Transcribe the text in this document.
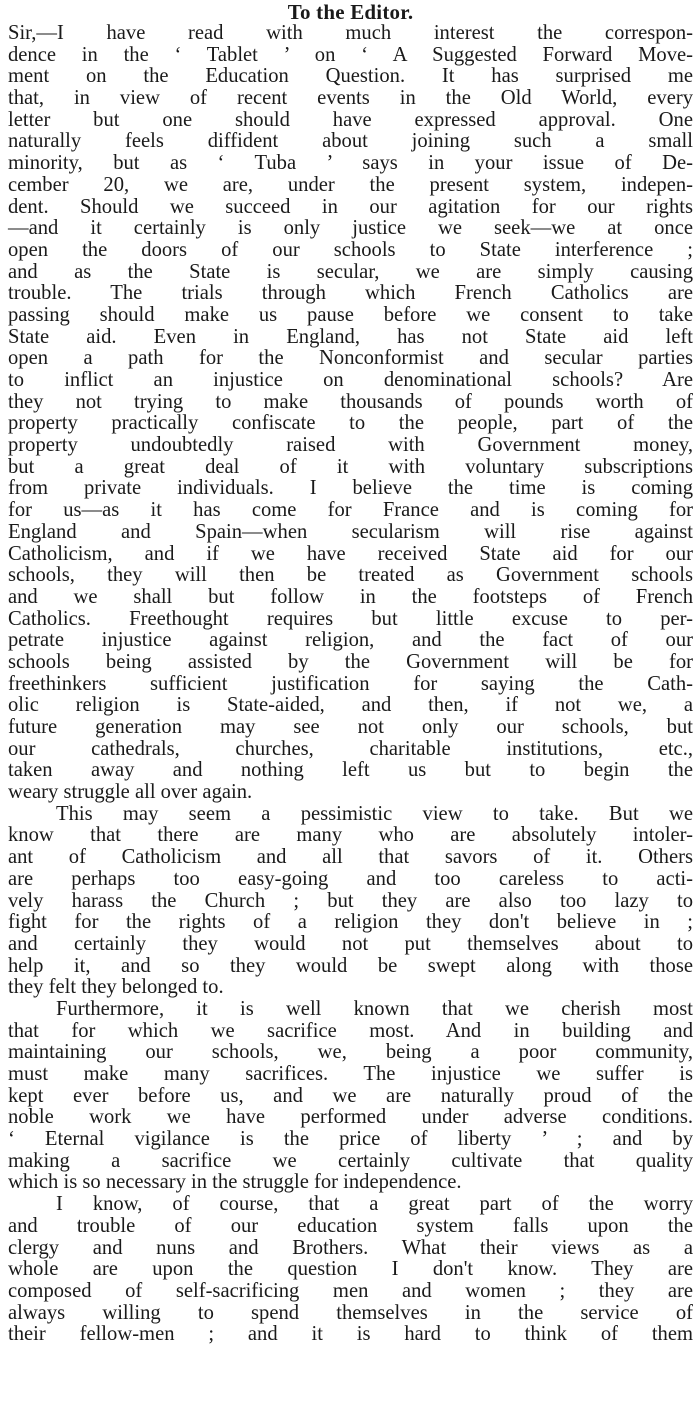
To the Editor.

Sir,—I have read with much interest the correspon-
dence in the ‘ Tablet ’ on ‘ A Suggested Forward Move-
ment on the Education Question. It has surprised me
that, in view of recent events in the Old World, every
letter but one should have expressed approval. One
naturally feels diffident about joining such a small
minority, but as ‘ Tuba ’ says in your issue of De-
cember 20, we are, under the present system, indepen-
dent. Should we succeed in our agitation for our rights
—and it certainly is only justice we seek—we at once
open the doors of our schools to State interference ;
and as the State is secular, we are simply causing
trouble. The trials through which French Catholics are
passing should make us pause before we consent to take
State aid. Even in England, has not State aid left
open a path for the Nonconformist and secular parties
to inflict an injustice on denominational schools? Are
they not trying to make thousands of pounds worth of
property practically confiscate to the people, part of the
property undoubtedly raised with Government money,
but a great deal of it with voluntary subscriptions
from private individuals. I believe the time is coming
for us—as it has come for France and is coming for
England and Spain—when secularism will rise against
Catholicism, and if we have received State aid for our
schools, they will then be treated as Government schools
and we shall but follow in the footsteps of French
Catholics. Freethought requires but little excuse to per-
petrate injustice against religion, and the fact of our
schools being assisted by the Government will be for
freethinkers sufficient justification for saying the Cath-
olic religion is State-aided, and then, if not we, a
future generation may see not only our schools, but
our cathedrals, churches, charitable institutions, etc.,
taken away and nothing left us but to begin the
weary struggle all over again.

This may seem a pessimistic view to take. But we
know that there are many who are absolutely intoler-
ant of Catholicism and all that savors of it. Others
are perhaps too easy-going and too careless to acti-
vely harass the Church ; but they are also too lazy to
fight for the rights of a religion they don't believe in ;
and certainly they would not put themselves about to
help it, and so they would be swept along with those
they felt they belonged to.

Furthermore, it is well known that we cherish most
that for which we sacrifice most. And in building and
maintaining our schools, we, being a poor community,
must make many sacrifices. The injustice we suffer is
kept ever before us, and we are naturally proud of the
noble work we have performed under adverse conditions.
‘ Eternal vigilance is the price of liberty ’ ; and by
making a sacrifice we certainly cultivate that quality
which is so necessary in the struggle for independence.

I know, of course, that a great part of the worry
and trouble of our education system falls upon the
clergy and nuns and Brothers. What their views as a
whole are upon the question I don't know. They are
composed of self-sacrificing men and women ; they are
always willing to spend themselves in the service of
their fellow-men ; and it is hard to think of them
